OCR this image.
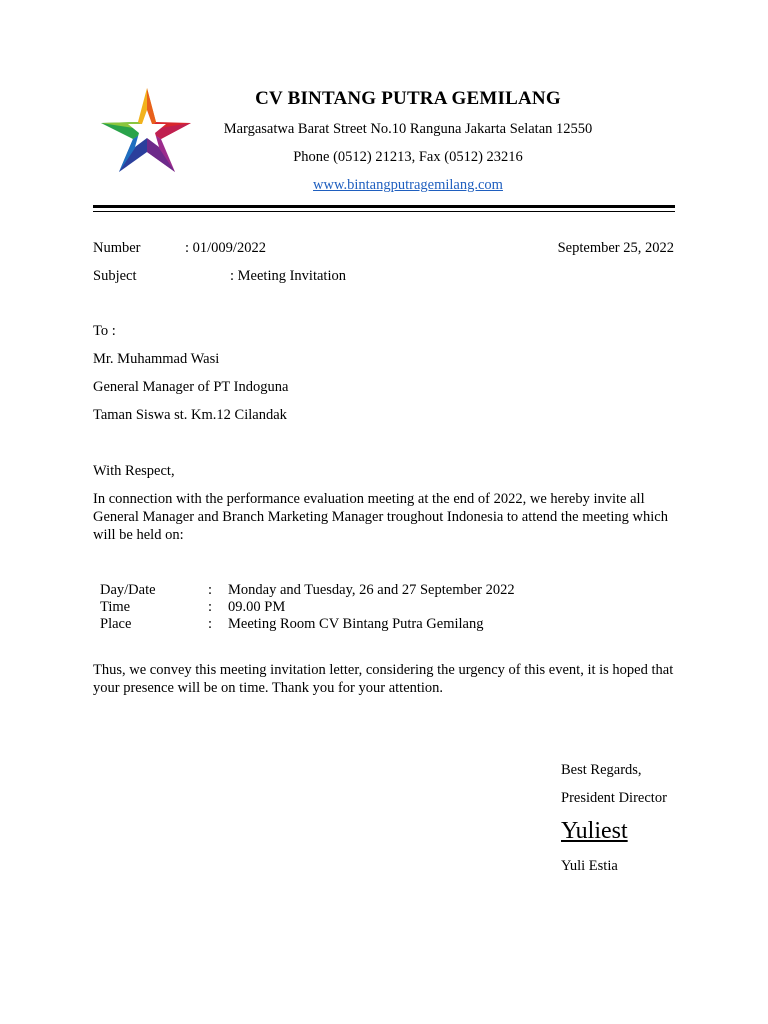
CV BINTANG PUTRA GEMILANG
Margasatwa Barat Street No.10 Ranguna Jakarta Selatan 12550
Phone (0512) 21213, Fax (0512) 23216
www.bintangputragemilang.com
Number	: 01/009/2022	September 25, 2022
Subject	: Meeting Invitation
To :
Mr. Muhammad Wasi
General Manager of PT Indoguna
Taman Siswa st. Km.12 Cilandak
With Respect,
In connection with the performance evaluation meeting at the end of 2022, we hereby invite all General Manager and Branch Marketing Manager troughout Indonesia to attend the meeting which will be held on:
Day/Date	: Monday and Tuesday, 26 and 27 September 2022
Time	: 09.00 PM
Place	: Meeting Room CV Bintang Putra Gemilang
Thus, we convey this meeting invitation letter, considering the urgency of this event, it is hoped that your presence will be on time. Thank you for your attention.
Best Regards,
President Director
Yuliest
Yuli Estia
